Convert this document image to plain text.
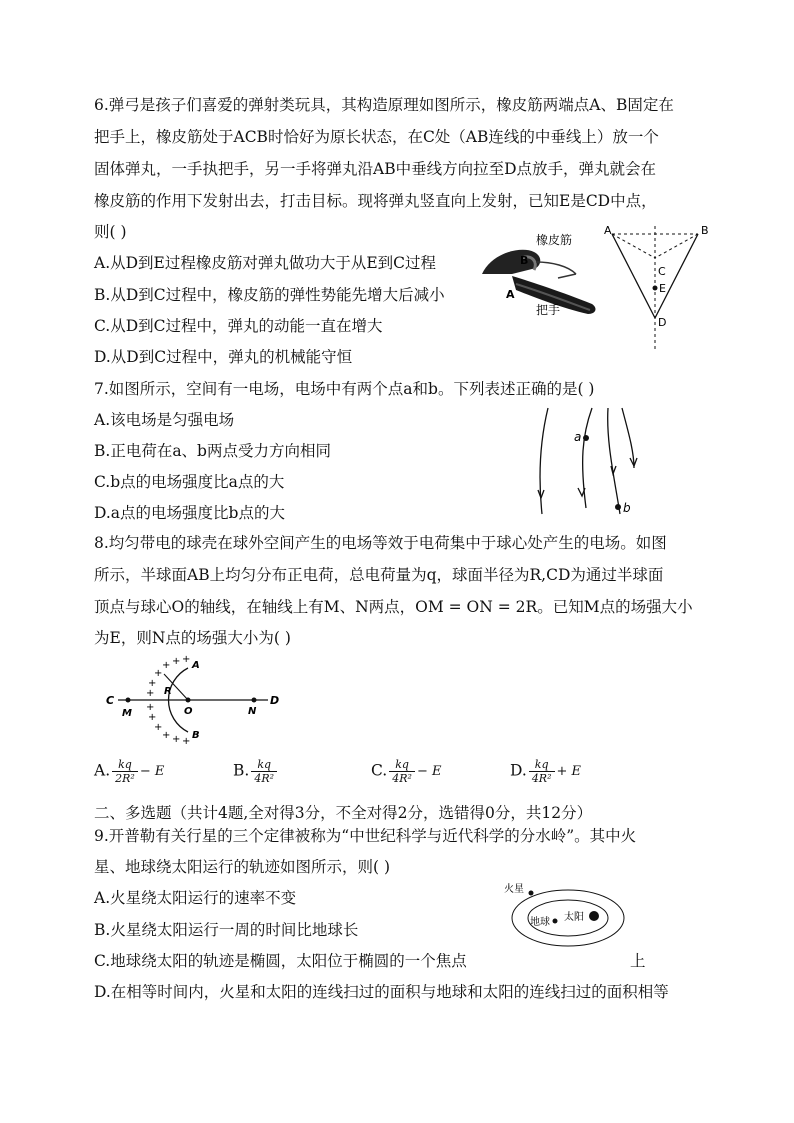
6.弹弓是孩子们喜爱的弹射类玩具，其构造原理如图所示，橡皮筋两端点A、B固定在
把手上，橡皮筋处于ACB时恰好为原长状态，在C处（AB连线的中垂线上）放一个
固体弹丸，一手执把手，另一手将弹丸沿AB中垂线方向拉至D点放手，弹丸就会在
橡皮筋的作用下发射出去，打击目标。现将弹丸竖直向上发射，已知E是CD中点，
则( )
A.从D到E过程橡皮筋对弹丸做功大于从E到C过程
B.从D到C过程中，橡皮筋的弹性势能先增大后减小
C.从D到C过程中，弹丸的动能一直在增大
D.从D到C过程中，弹丸的机械能守恒
橡皮筋
B
A
把手
A	B
C
E
D
7.如图所示，空间有一电场，电场中有两个点a和b。下列表述正确的是( )
A.该电场是匀强电场
B.正电荷在a、b两点受力方向相同
C.b点的电场强度比a点的大
D.a点的电场强度比b点的大
a
b
8.均匀带电的球壳在球外空间产生的电场等效于电荷集中于球心处产生的电场。如图
所示，半球面AB上均匀分布正电荷，总电荷量为q，球面半径为R,CD为通过半球面
顶点与球心O的轴线，在轴线上有M、N两点，OM = ON = 2R。已知M点的场强大小
为E，则N点的场强大小为( )
C
M	O	N
D
R
A
B
+ + +
+
+
+
+
+
+
+ + +
A. $\frac{kq}{\text{2R²}} - E$	B. $\frac{kq}{\text{4R²}}$	C. $\frac{kq}{\text{4R²}} - E$	D. $\frac{kq}{\text{4R²}} + E$
二、多选题（共计4题,全对得3分，不全对得2分，选错得0分，共12分）
9.开普勒有关行星的三个定律被称为“中世纪科学与近代科学的分水岭”。其中火
星、地球绕太阳运行的轨迹如图所示，则( )
A.火星绕太阳运行的速率不变
B.火星绕太阳运行一周的时间比地球长
C.地球绕太阳的轨迹是椭圆，太阳位于椭圆的一个焦点	上
D.在相等时间内，火星和太阳的连线扫过的面积与地球和太阳的连线扫过的面积相等
火星
地球 太阳
